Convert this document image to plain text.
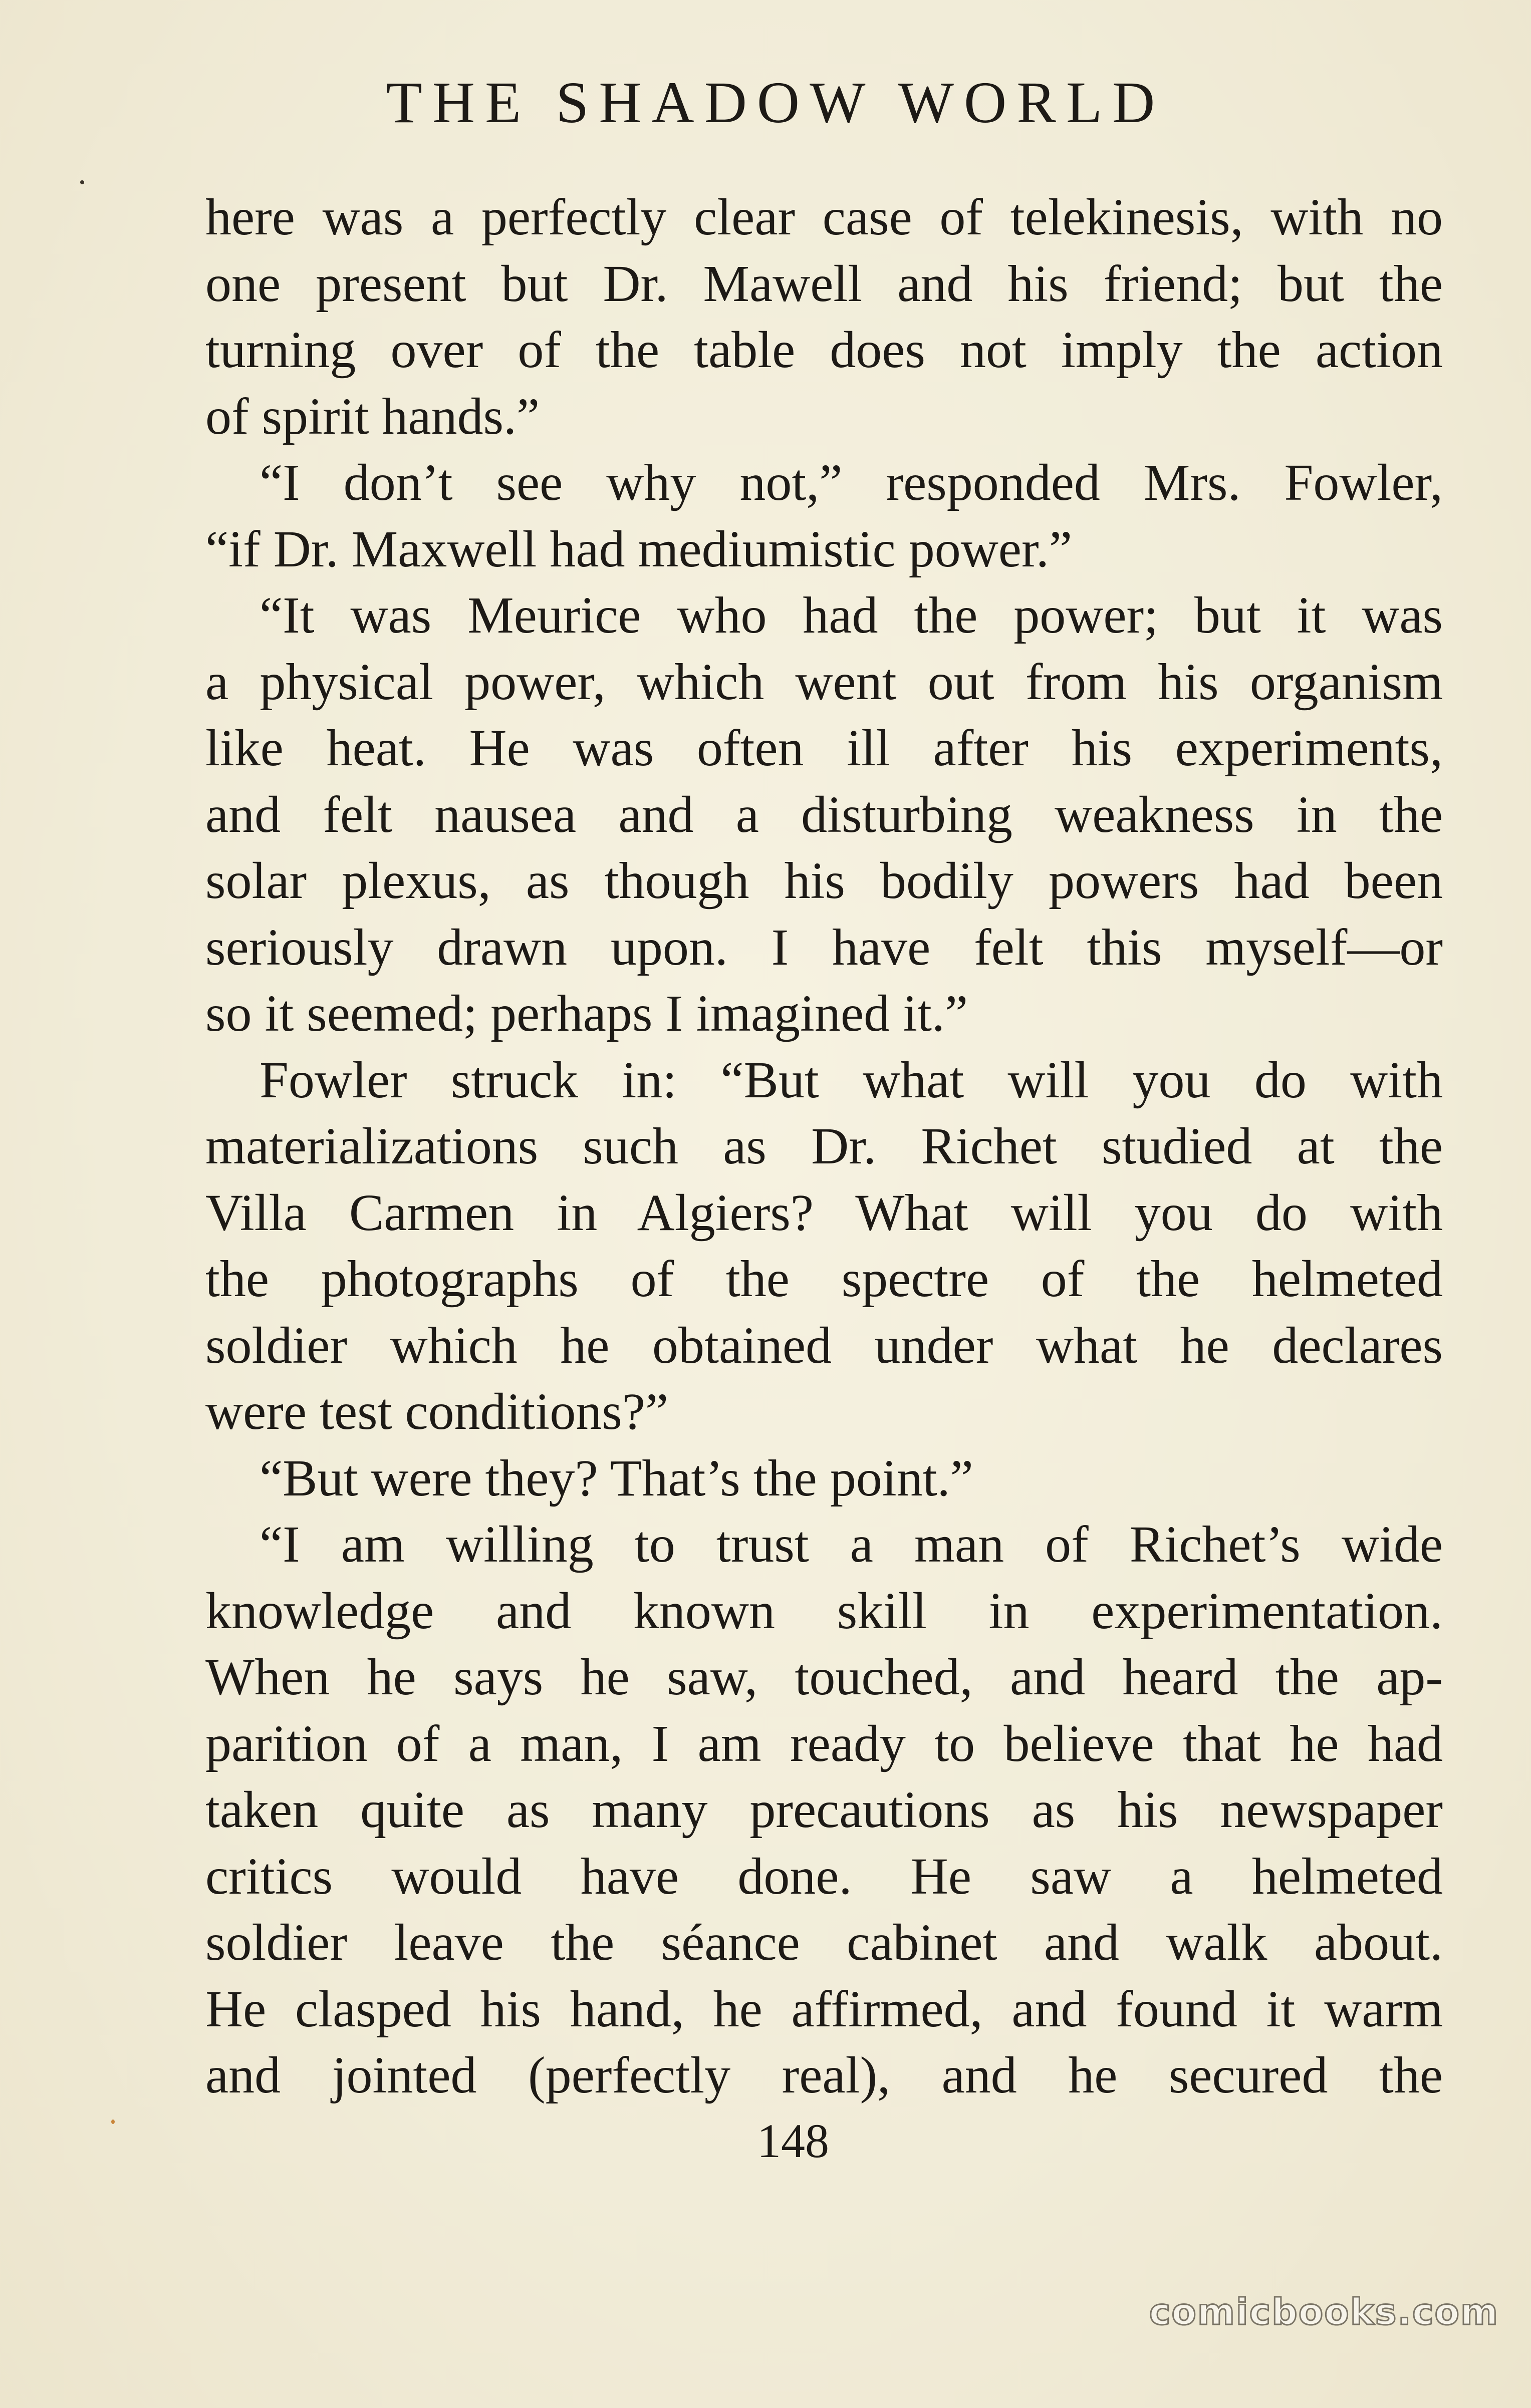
THE SHADOW WORLD
here was a perfectly clear case of telekinesis, with no
one present but Dr. Mawell and his friend; but the
turning over of the table does not imply the action
of spirit hands.”
“I don’t see why not,” responded Mrs. Fowler,
“if Dr. Maxwell had mediumistic power.”
“It was Meurice who had the power; but it was
a physical power, which went out from his organism
like heat. He was often ill after his experiments,
and felt nausea and a disturbing weakness in the
solar plexus, as though his bodily powers had been
seriously drawn upon. I have felt this myself—or
so it seemed; perhaps I imagined it.”
Fowler struck in: “But what will you do with
materializations such as Dr. Richet studied at the
Villa Carmen in Algiers? What will you do with
the photographs of the spectre of the helmeted
soldier which he obtained under what he declares
were test conditions?”
“But were they? That’s the point.”
“I am willing to trust a man of Richet’s wide
knowledge and known skill in experimentation.
When he says he saw, touched, and heard the ap-
parition of a man, I am ready to believe that he had
taken quite as many precautions as his newspaper
critics would have done. He saw a helmeted
soldier leave the séance cabinet and walk about.
He clasped his hand, he affirmed, and found it warm
and jointed (perfectly real), and he secured the
148
comicbooks.com
